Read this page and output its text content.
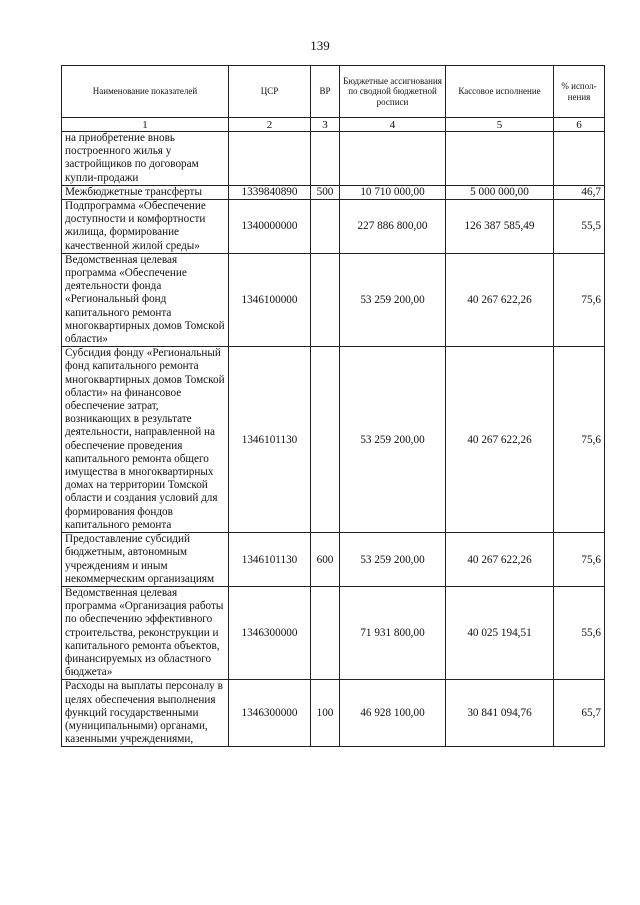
139
Наименование показателей	ЦСР	ВР	Бюджетные ассигнования по сводной бюджетной росписи	Кассовое исполнение	% испол- нения
1	2	3	4	5	6
на приобретение вновь построенного жилья у застройщиков по договорам купли-продажи					
Межбюджетные трансферты	1339840890	500	10 710 000,00	5 000 000,00	46,7
Подпрограмма «Обеспечение доступности и комфортности жилища, формирование качественной жилой среды»	1340000000		227 886 800,00	126 387 585,49	55,5
Ведомственная целевая программа «Обеспечение деятельности фонда «Региональный фонд капитального ремонта многоквартирных домов Томской области»	1346100000		53 259 200,00	40 267 622,26	75,6
Субсидия фонду «Региональный фонд капитального ремонта многоквартирных домов Томской области» на финансовое обеспечение затрат, возникающих в результате деятельности, направленной на обеспечение проведения капитального ремонта общего имущества в многоквартирных домах на территории Томской области и создания условий для формирования фондов капитального ремонта	1346101130		53 259 200,00	40 267 622,26	75,6
Предоставление субсидий бюджетным, автономным учреждениям и иным некоммерческим организациям	1346101130	600	53 259 200,00	40 267 622,26	75,6
Ведомственная целевая программа «Организация работы по обеспечению эффективного строительства, реконструкции и капитального ремонта объектов, финансируемых из областного бюджета»	1346300000		71 931 800,00	40 025 194,51	55,6
Расходы на выплаты персоналу в целях обеспечения выполнения функций государственными (муниципальными) органами, казенными учреждениями,	1346300000	100	46 928 100,00	30 841 094,76	65,7
